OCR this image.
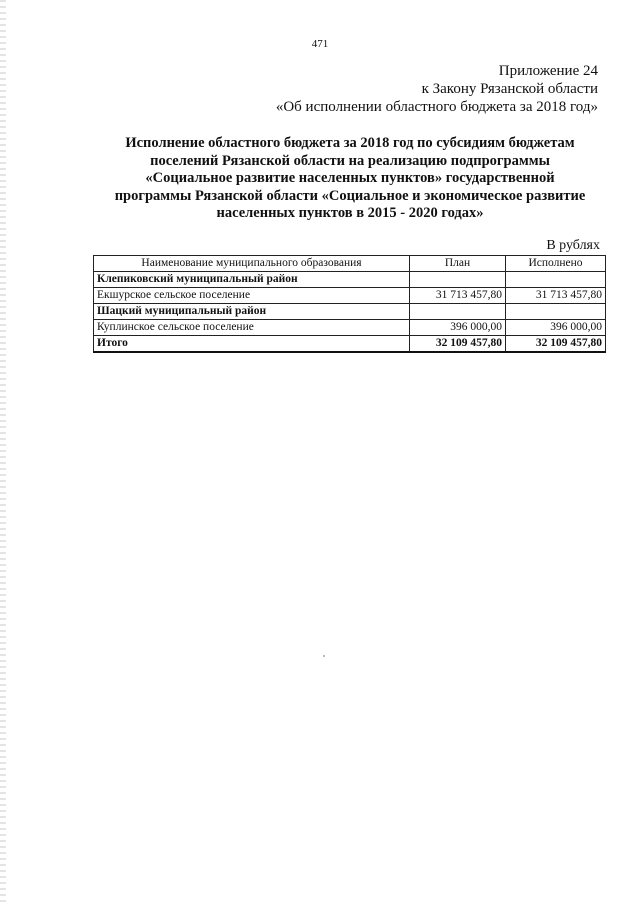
471
Приложение 24
к Закону Рязанской области
«Об исполнении областного бюджета за 2018 год»
Исполнение областного бюджета за 2018 год по субсидиям бюджетам
поселений Рязанской области на реализацию подпрограммы
«Социальное развитие населенных пунктов» государственной
программы Рязанской области «Социальное и экономическое развитие
населенных пунктов в 2015 - 2020 годах»
В рублях
Наименование муниципального образования	План	Исполнено
Клепиковский муниципальный район		
Екшурское сельское поселение	31 713 457,80	31 713 457,80
Шацкий муниципальный район		
Куплинское сельское поселение	396 000,00	396 000,00
Итого	32 109 457,80	32 109 457,80
